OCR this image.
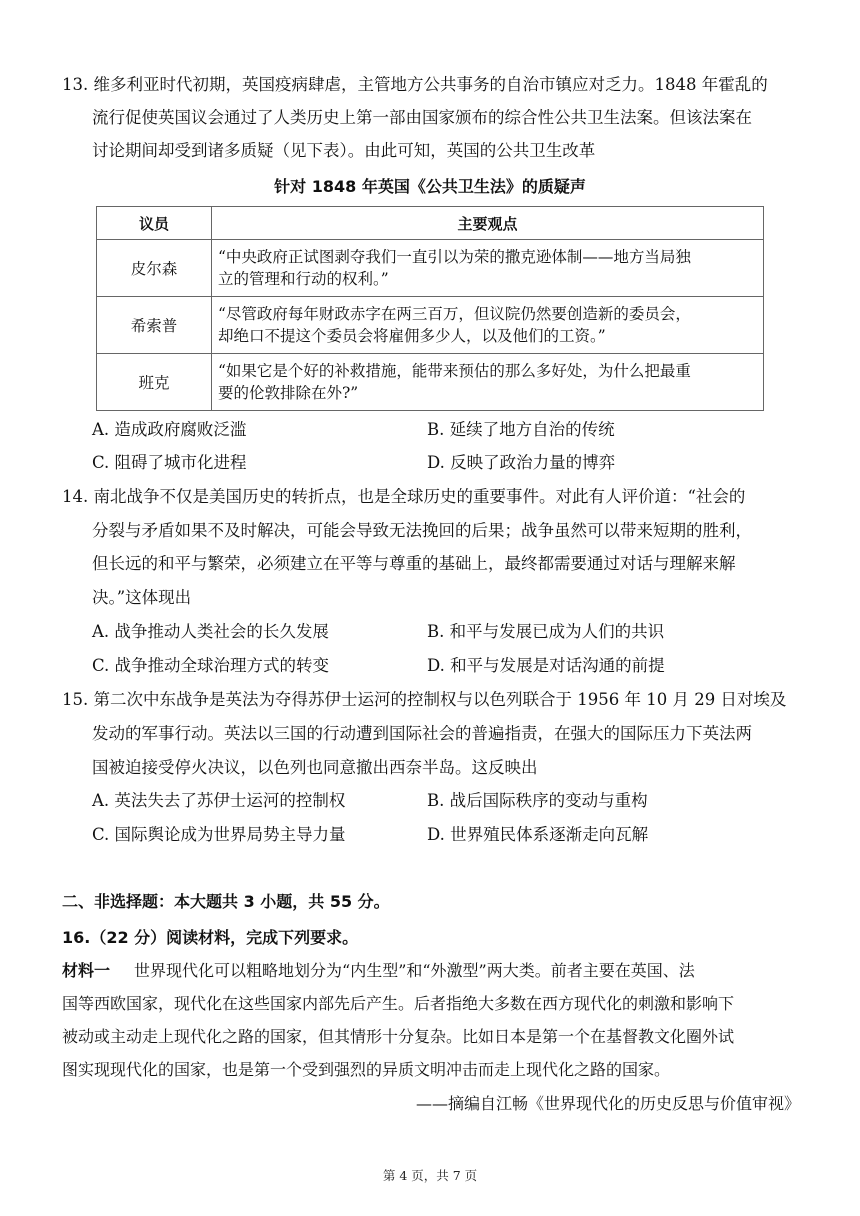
13. 维多利亚时代初期，英国疫病肆虐，主管地方公共事务的自治市镇应对乏力。1848 年霍乱的
流行促使英国议会通过了人类历史上第一部由国家颁布的综合性公共卫生法案。但该法案在
讨论期间却受到诸多质疑（见下表）。由此可知，英国的公共卫生改革
针对 1848 年英国《公共卫生法》的质疑声
议员	主要观点
皮尔森	“中央政府正试图剥夺我们一直引以为荣的撒克逊体制——地方当局独
立的管理和行动的权利。”

希索普	“尽管政府每年财政赤字在两三百万，但议院仍然要创造新的委员会，
却绝口不提这个委员会将雇佣多少人，以及他们的工资。”

班克	“如果它是个好的补救措施，能带来预估的那么多好处，为什么把最重
要的伦敦排除在外?”
A. 造成政府腐败泛滥	B. 延续了地方自治的传统
C. 阻碍了城市化进程	D. 反映了政治力量的博弈
14. 南北战争不仅是美国历史的转折点，也是全球历史的重要事件。对此有人评价道：“社会的
分裂与矛盾如果不及时解决，可能会导致无法挽回的后果；战争虽然可以带来短期的胜利，
但长远的和平与繁荣，必须建立在平等与尊重的基础上，最终都需要通过对话与理解来解
决。”这体现出
A. 战争推动人类社会的长久发展	B. 和平与发展已成为人们的共识
C. 战争推动全球治理方式的转变	D. 和平与发展是对话沟通的前提
15. 第二次中东战争是英法为夺得苏伊士运河的控制权与以色列联合于 1956 年 10 月 29 日对埃及
发动的军事行动。英法以三国的行动遭到国际社会的普遍指责，在强大的国际压力下英法两
国被迫接受停火决议，以色列也同意撤出西奈半岛。这反映出
A. 英法失去了苏伊士运河的控制权	B. 战后国际秩序的变动与重构
C. 国际舆论成为世界局势主导力量	D. 世界殖民体系逐渐走向瓦解
二、非选择题：本大题共 3 小题，共 55 分。
16.（22 分）阅读材料，完成下列要求。
材料一 世界现代化可以粗略地划分为“内生型”和“外激型”两大类。前者主要在英国、法
国等西欧国家，现代化在这些国家内部先后产生。后者指绝大多数在西方现代化的刺激和影响下
被动或主动走上现代化之路的国家，但其情形十分复杂。比如日本是第一个在基督教文化圈外试
图实现现代化的国家，也是第一个受到强烈的异质文明冲击而走上现代化之路的国家。
——摘编自江畅《世界现代化的历史反思与价值审视》
第 4 页，共 7 页
